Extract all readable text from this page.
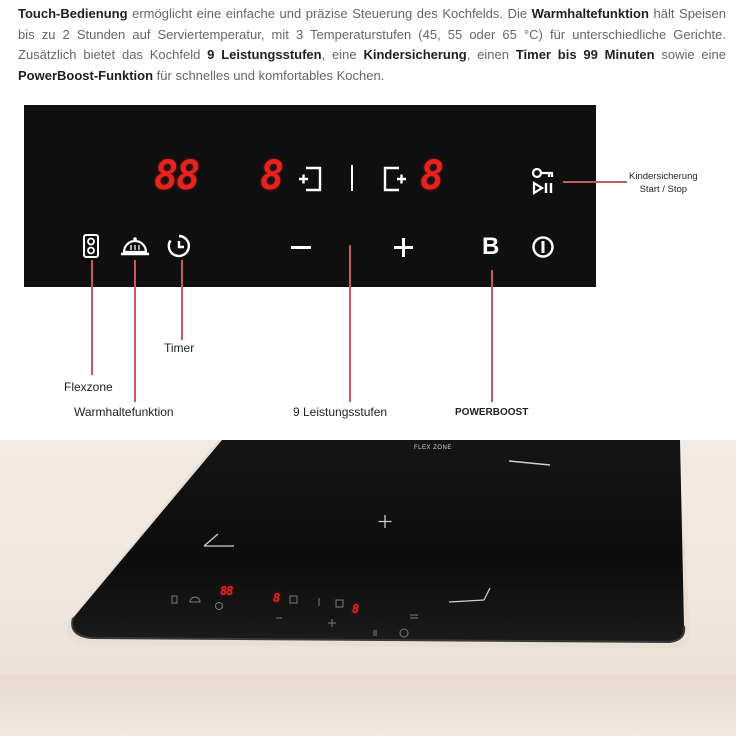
Touch-Bedienung ermöglicht eine einfache und präzise Steuerung des Kochfelds. Die Warmhaltefunktion hält Speisen bis zu 2 Stunden auf Serviertemperatur, mit 3 Temperaturstufen (45, 55 oder 65 °C) für unterschiedliche Gerichte. Zusätzlich bietet das Kochfeld 9 Leistungsstufen, eine Kindersicherung, einen Timer bis 99 Minuten sowie eine PowerBoost-Funktion für schnelles und komfortables Kochen.

88 8	8
B
Kindersicherung
Start / Stop
Timer
Flexzone
Warmhaltefunktion	9 Leistungsstufen	POWERBOOST
FLEX ZONE
88	8
8
